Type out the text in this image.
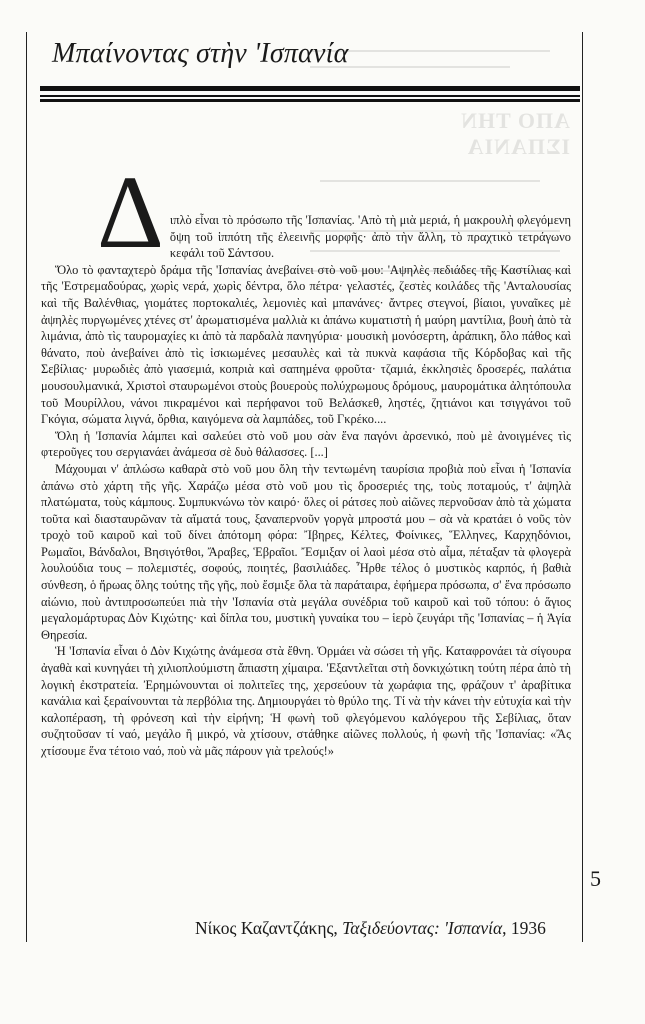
ΑΠΟ ΤΗΝ ΙΣΠΑΝΙΑ
Μπαίνοντας στὴν 'Ισπανία

Διπλὸ εἶναι τὸ πρόσωπο τῆς 'Ισπανίας. 'Απὸ τὴ μιὰ μεριά, ἡ μακρουλὴ φλεγόμενη ὄψη τοῦ ἱππότη τῆς ἐλεεινῆς μορφῆς· ἀπὸ τὴν ἄλλη, τὸ πραχτικὸ τετράγωνο κεφάλι τοῦ Σάντσου.

Ὅλο τὸ φανταχτερὸ δράμα τῆς 'Ισπανίας ἀνεβαίνει στὸ νοῦ μου: 'Αψηλὲς πεδιάδες τῆς Καστίλιας καὶ τῆς 'Εστρεμαδούρας, χωρὶς νερά, χωρὶς δέντρα, ὅλο πέτρα· γελαστές, ζεστὲς κοιλάδες τῆς 'Ανταλουσίας καὶ τῆς Βαλένθιας, γιομάτες πορτοκαλιές, λεμονιὲς καὶ μπανάνες· ἄντρες στεγνοί, βίαιοι, γυναῖκες μὲ ἀψηλὲς πυργωμένες χτένες στ' ἀρωματισμένα μαλλιὰ κι ἀπάνω κυματιστὴ ἡ μαύρη μαντίλια, βουὴ ἀπὸ τὰ λιμάνια, ἀπὸ τὶς ταυρομαχίες κι ἀπὸ τὰ παρδαλὰ πανηγύρια· μουσικὴ μονόσερτη, ἀράπικη, ὅλο πάθος καὶ θάνατο, ποὺ ἀνεβαίνει ἀπὸ τὶς ἰσκιωμένες μεσαυλὲς καὶ τὰ πυκνὰ καφάσια τῆς Κόρδοβας καὶ τῆς Σεβίλιας· μυρωδιὲς ἀπὸ γιασεμιά, κοπριὰ καὶ σαπημένα φροῦτα· τζαμιά, ἐκκλησιὲς δροσερές, παλάτια μουσουλμανικά, Χριστοὶ σταυρωμένοι στοὺς βουεροὺς πολύχρωμους δρόμους, μαυρομάτικα ἀλητόπουλα τοῦ Μουρίλλου, νάνοι πικραμένοι καὶ περήφανοι τοῦ Βελάσκεθ, ληστές, ζητιάνοι και τσιγγάνοι τοῦ Γκόγια, σώματα λιγνά, ὄρθια, καιγόμενα σὰ λαμπάδες, τοῦ Γκρέκο....

Ὅλη ἡ 'Ισπανία λάμπει καὶ σαλεύει στὸ νοῦ μου σὰν ἕνα παγόνι ἀρσενικό, ποὺ μὲ ἀνοιγμένες τὶς φτεροῦγες του σεργιανάει ἀνάμεσα σὲ δυὸ θάλασσες. [...]

Μάχουμαι ν' ἁπλώσω καθαρὰ στὸ νοῦ μου ὅλη τὴν τεντωμένη ταυρίσια προβιὰ ποὺ εἶναι ἡ 'Ισπανία ἀπάνω στὸ χάρτη τῆς γῆς. Χαράζω μέσα στὸ νοῦ μου τὶς δροσεριές της, τοὺς ποταμούς, τ' ἀψηλὰ πλατώματα, τοὺς κάμπους. Συμπυκνώνω τὸν καιρό· ὅλες οἱ ράτσες ποὺ αἰῶνες περνοῦσαν ἀπὸ τὰ χώματα τοῦτα καὶ διασταυρῶναν τὰ αἵματά τους, ξαναπερνοῦν γοργὰ μπροστά μου – σὰ νὰ κρατάει ὁ νοῦς τὸν τροχὸ τοῦ καιροῦ καὶ τοῦ δίνει ἀπότομη φόρα: Ἴβηρες, Κέλτες, Φοίνικες, Ἕλληνες, Καρχηδόνιοι, Ρωμαῖοι, Βάνδαλοι, Βησιγότθοι, Ἄραβες, Ἑβραῖοι. Ἔσμιξαν οἱ λαοὶ μέσα στὸ αἷμα, πέταξαν τὰ φλογερὰ λουλούδια τους – πολεμιστές, σοφούς, ποιητές, βασιλιάδες. Ἦρθε τέλος ὁ μυστικὸς καρπός, ἡ βαθιὰ σύνθεση, ὁ ἥρωας ὅλης τούτης τῆς γῆς, ποὺ ἔσμιξε ὅλα τὰ παράταιρα, ἐφήμερα πρόσωπα, σ' ἕνα πρόσωπο αἰώνιο, ποὺ ἀντιπροσωπεύει πιὰ τὴν 'Ισπανία στὰ μεγάλα συνέδρια τοῦ καιροῦ καὶ τοῦ τόπου: ὁ ἅγιος μεγαλομάρτυρας Δὸν Κιχώτης· καὶ δίπλα του, μυστικὴ γυναίκα του – ἱερὸ ζευγάρι τῆς 'Ισπανίας – ἡ Ἁγία Θηρεσία.

Ἡ 'Ισπανία εἶναι ὁ Δὸν Κιχώτης ἀνάμεσα στὰ ἔθνη. Ὁρμάει νὰ σώσει τὴ γῆς. Καταφρονάει τὰ σίγουρα ἀγαθὰ καὶ κυνηγάει τὴ χιλιοπλούμιστη ἄπιαστη χίμαιρα. 'Εξαντλεῖται στὴ δονκιχώτικη τούτη πέρα ἀπὸ τὴ λογικὴ ἐκστρατεία. Ἐρημώνουνται οἱ πολιτεῖες της, χερσεύουν τὰ χωράφια της, φράζουν τ' ἀραβίτικα κανάλια καὶ ξεραίνουνται τὰ περβόλια της. Δημιουργάει τὸ θρύλο της. Τί νὰ τὴν κάνει τὴν εὐτυχία καὶ τὴν καλοπέραση, τὴ φρόνεση καὶ τὴν εἰρήνη; Ἡ φωνὴ τοῦ φλεγόμενου καλόγερου τῆς Σεβίλιας, ὅταν συζητοῦσαν τί ναό, μεγάλο ἢ μικρό, νὰ χτίσουν, στάθηκε αἰῶνες πολλούς, ἡ φωνὴ τῆς 'Ισπανίας: «Ἂς χτίσουμε ἕνα τέτοιο ναό, ποὺ νὰ μᾶς πάρουν γιὰ τρελούς!»

5
Νίκος Καζαντζάκης, Ταξιδεύοντας: 'Ισπανία, 1936
